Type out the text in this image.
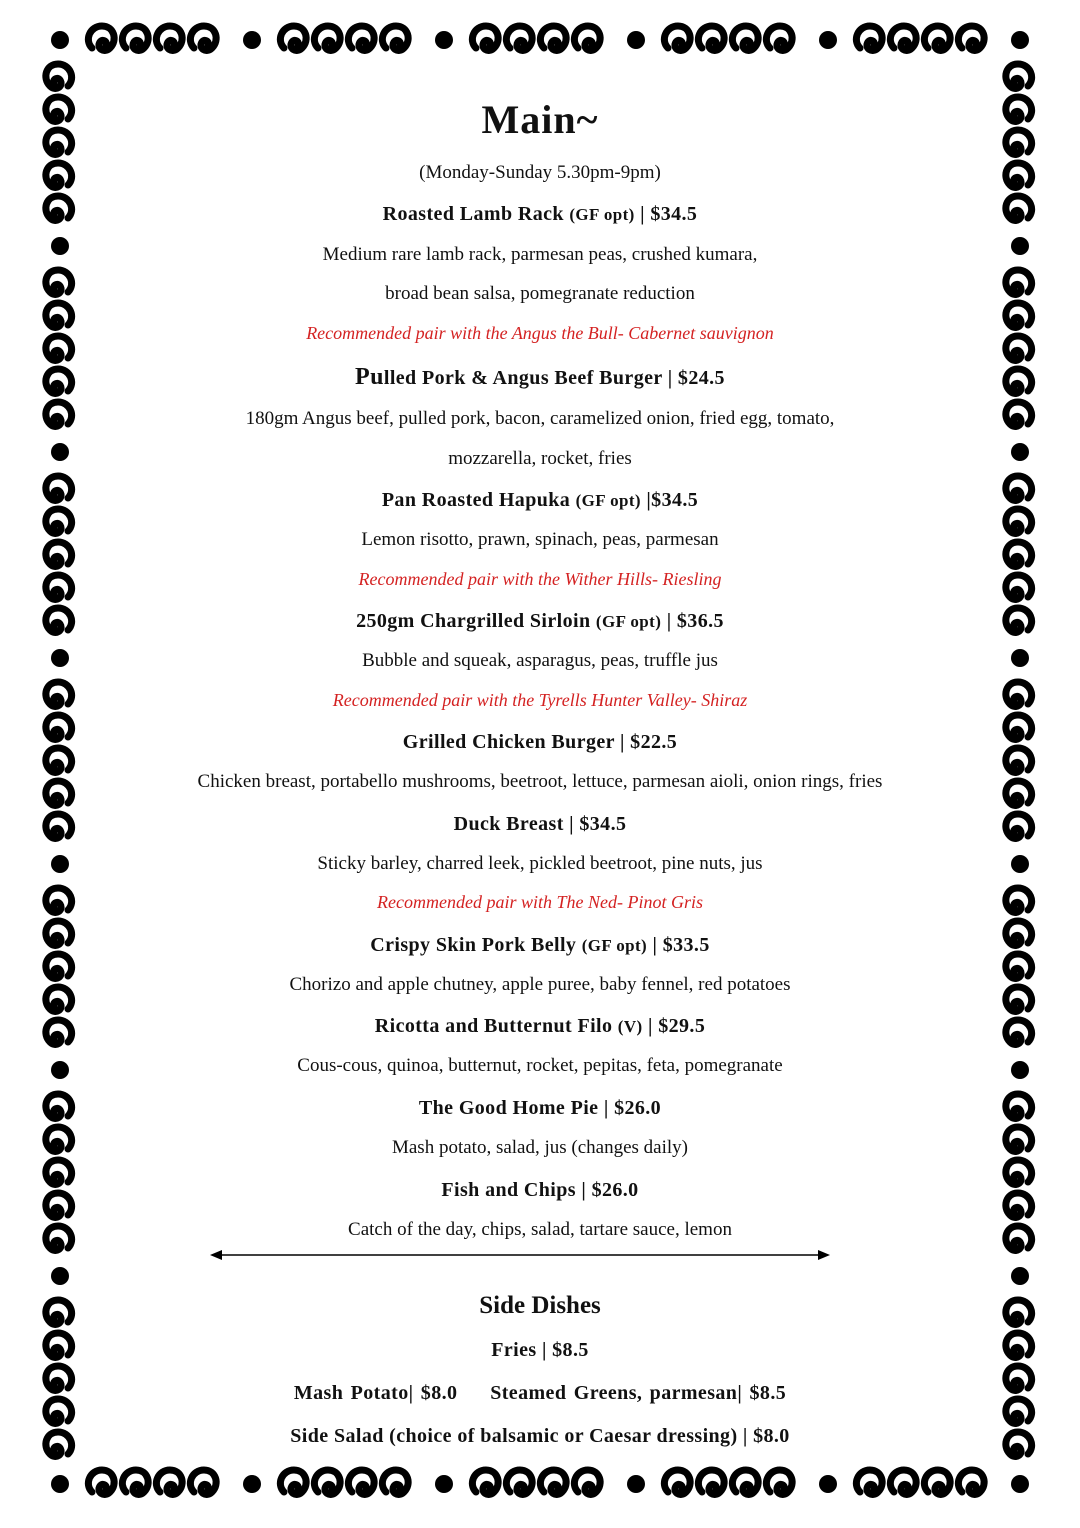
Main~
(Monday-Sunday 5.30pm-9pm)
Roasted Lamb Rack (GF opt) | $34.5
Medium rare lamb rack, parmesan peas, crushed kumara,
broad bean salsa, pomegranate reduction
Recommended pair with the Angus the Bull- Cabernet sauvignon
Pulled Pork & Angus Beef Burger | $24.5
180gm Angus beef, pulled pork, bacon, caramelized onion, fried egg, tomato,
mozzarella, rocket, fries
Pan Roasted Hapuka (GF opt) |$34.5
Lemon risotto, prawn, spinach, peas, parmesan
Recommended pair with the Wither Hills- Riesling
250gm Chargrilled Sirloin (GF opt) | $36.5
Bubble and squeak, asparagus, peas, truffle jus
Recommended pair with the Tyrells Hunter Valley- Shiraz
Grilled Chicken Burger | $22.5
Chicken breast, portabello mushrooms, beetroot, lettuce, parmesan aioli, onion rings, fries
Duck Breast | $34.5
Sticky barley, charred leek, pickled beetroot, pine nuts, jus
Recommended pair with The Ned- Pinot Gris
Crispy Skin Pork Belly (GF opt) | $33.5
Chorizo and apple chutney, apple puree, baby fennel, red potatoes
Ricotta and Butternut Filo (V) | $29.5
Cous-cous, quinoa, butternut, rocket, pepitas, feta, pomegranate
The Good Home Pie | $26.0
Mash potato, salad, jus (changes daily)
Fish and Chips | $26.0
Catch of the day, chips, salad, tartare sauce, lemon
Side Dishes
Fries | $8.5
Mash Potato| $8.0 Steamed Greens, parmesan| $8.5
Side Salad (choice of balsamic or Caesar dressing) | $8.0
